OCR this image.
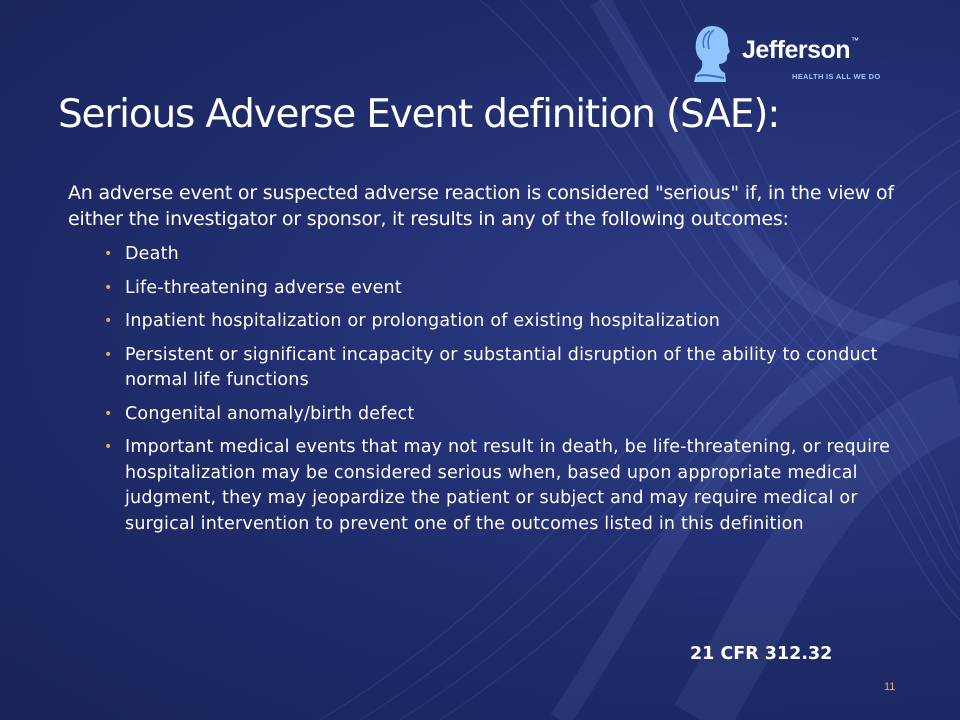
Jefferson™
HEALTH IS ALL WE DO
Serious Adverse Event definition (SAE):

An adverse event or suspected adverse reaction is considered "serious" if, in the view of either the investigator or sponsor, it results in any of the following outcomes:

• Death
• Life-threatening adverse event
• Inpatient hospitalization or prolongation of existing hospitalization
• Persistent or significant incapacity or substantial disruption of the ability to conduct normal life functions
• Congenital anomaly/birth defect
• Important medical events that may not result in death, be life-threatening, or require hospitalization may be considered serious when, based upon appropriate medical judgment, they may jeopardize the patient or subject and may require medical or surgical intervention to prevent one of the outcomes listed in this definition
21 CFR 312.32
11
